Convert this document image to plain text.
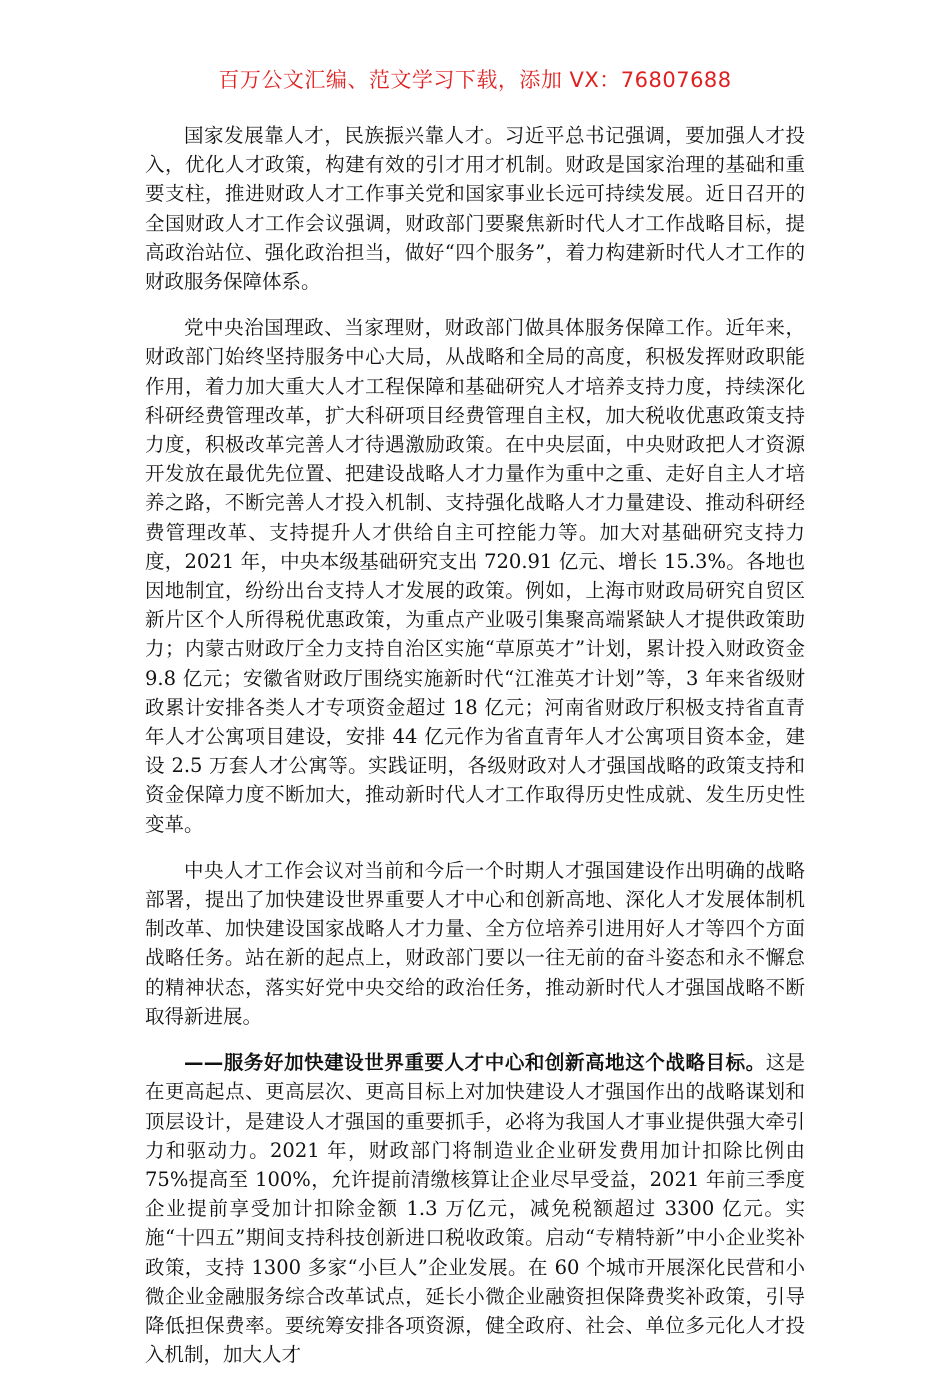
百万公文汇编、范文学习下载，添加 VX：76807688

国家发展靠人才，民族振兴靠人才。习近平总书记强调，要加强人才投入，优化人才政策，构建有效的引才用才机制。财政是国家治理的基础和重要支柱，推进财政人才工作事关党和国家事业长远可持续发展。近日召开的全国财政人才工作会议强调，财政部门要聚焦新时代人才工作战略目标，提高政治站位、强化政治担当，做好“四个服务”，着力构建新时代人才工作的财政服务保障体系。

党中央治国理政、当家理财，财政部门做具体服务保障工作。近年来，财政部门始终坚持服务中心大局，从战略和全局的高度，积极发挥财政职能作用，着力加大重大人才工程保障和基础研究人才培养支持力度，持续深化科研经费管理改革，扩大科研项目经费管理自主权，加大税收优惠政策支持力度，积极改革完善人才待遇激励政策。在中央层面，中央财政把人才资源开发放在最优先位置、把建设战略人才力量作为重中之重、走好自主人才培养之路，不断完善人才投入机制、支持强化战略人才力量建设、推动科研经费管理改革、支持提升人才供给自主可控能力等。加大对基础研究支持力度，2021 年，中央本级基础研究支出 720.91 亿元、增长 15.3%。各地也因地制宜，纷纷出台支持人才发展的政策。例如，上海市财政局研究自贸区新片区个人所得税优惠政策，为重点产业吸引集聚高端紧缺人才提供政策助力；内蒙古财政厅全力支持自治区实施“草原英才”计划，累计投入财政资金 9.8 亿元；安徽省财政厅围绕实施新时代“江淮英才计划”等，3 年来省级财政累计安排各类人才专项资金超过 18 亿元；河南省财政厅积极支持省直青年人才公寓项目建设，安排 44 亿元作为省直青年人才公寓项目资本金，建设 2.5 万套人才公寓等。实践证明，各级财政对人才强国战略的政策支持和资金保障力度不断加大，推动新时代人才工作取得历史性成就、发生历史性变革。

中央人才工作会议对当前和今后一个时期人才强国建设作出明确的战略部署，提出了加快建设世界重要人才中心和创新高地、深化人才发展体制机制改革、加快建设国家战略人才力量、全方位培养引进用好人才等四个方面战略任务。站在新的起点上，财政部门要以一往无前的奋斗姿态和永不懈怠的精神状态，落实好党中央交给的政治任务，推动新时代人才强国战略不断取得新进展。

——服务好加快建设世界重要人才中心和创新高地这个战略目标。这是在更高起点、更高层次、更高目标上对加快建设人才强国作出的战略谋划和顶层设计，是建设人才强国的重要抓手，必将为我国人才事业提供强大牵引力和驱动力。2021 年，财政部门将制造业企业研发费用加计扣除比例由 75%提高至 100%，允许提前清缴核算让企业尽早受益，2021 年前三季度企业提前享受加计扣除金额 1.3 万亿元，减免税额超过 3300 亿元。实施“十四五”期间支持科技创新进口税收政策。启动“专精特新”中小企业奖补政策，支持 1300 多家“小巨人”企业发展。在 60 个城市开展深化民营和小微企业金融服务综合改革试点，延长小微企业融资担保降费奖补政策，引导降低担保费率。要统筹安排各项资源，健全政府、社会、单位多元化人才投入机制，加大人才
